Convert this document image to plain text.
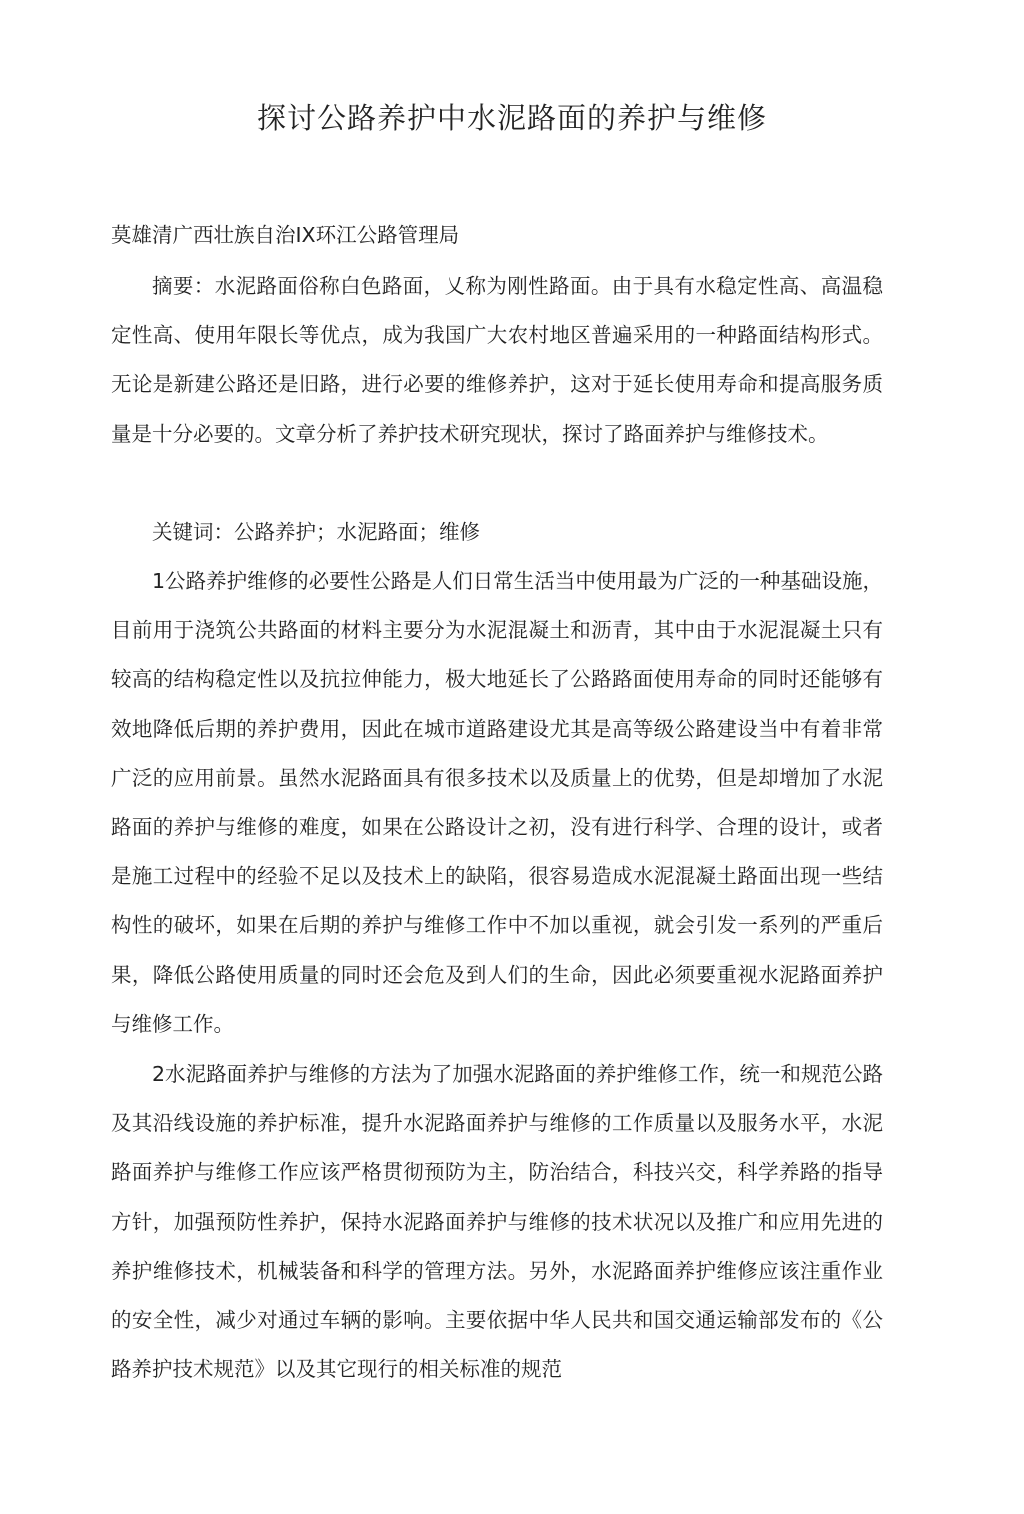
探讨公路养护中水泥路面的养护与维修
莫雄清广西壮族自治IX环江公路管理局

摘要：水泥路面俗称白色路面，乂称为刚性路面。由于具有水稳定性高、高温稳定性高、使用年限长等优点，成为我国广大农村地区普遍采用的一种路面结构形式。无论是新建公路还是旧路，进行必要的维修养护，这对于延长使用寿命和提高服务质量是十分必要的。文章分析了养护技术研究现状，探讨了路面养护与维修技术。

关键词：公路养护；水泥路面；维修

1公路养护维修的必要性公路是人们日常生活当中使用最为广泛的一种基础设施，目前用于浇筑公共路面的材料主要分为水泥混凝土和沥青，其中由于水泥混凝土只有较高的结构稳定性以及抗拉伸能力，极大地延长了公路路面使用寿命的同时还能够有效地降低后期的养护费用，因此在城市道路建设尤其是高等级公路建设当中有着非常广泛的应用前景。虽然水泥路面具有很多技术以及质量上的优势，但是却增加了水泥路面的养护与维修的难度，如果在公路设计之初，没有进行科学、合理的设计，或者是施工过程中的经验不足以及技术上的缺陷，很容易造成水泥混凝土路面出现一些结构性的破坏，如果在后期的养护与维修工作中不加以重视，就会引发一系列的严重后果，降低公路使用质量的同时还会危及到人们的生命，因此必须要重视水泥路面养护与维修工作。

2水泥路面养护与维修的方法为了加强水泥路面的养护维修工作，统一和规范公路及其沿线设施的养护标准，提升水泥路面养护与维修的工作质量以及服务水平，水泥路面养护与维修工作应该严格贯彻预防为主，防治结合，科技兴交，科学养路的指导方针，加强预防性养护，保持水泥路面养护与维修的技术状况以及推广和应用先进的养护维修技术，机械装备和科学的管理方法。另外，水泥路面养护维修应该注重作业的安全性，减少对通过车辆的影响。主要依据中华人民共和国交通运输部发布的《公路养护技术规范》以及其它现行的相关标准的规范
